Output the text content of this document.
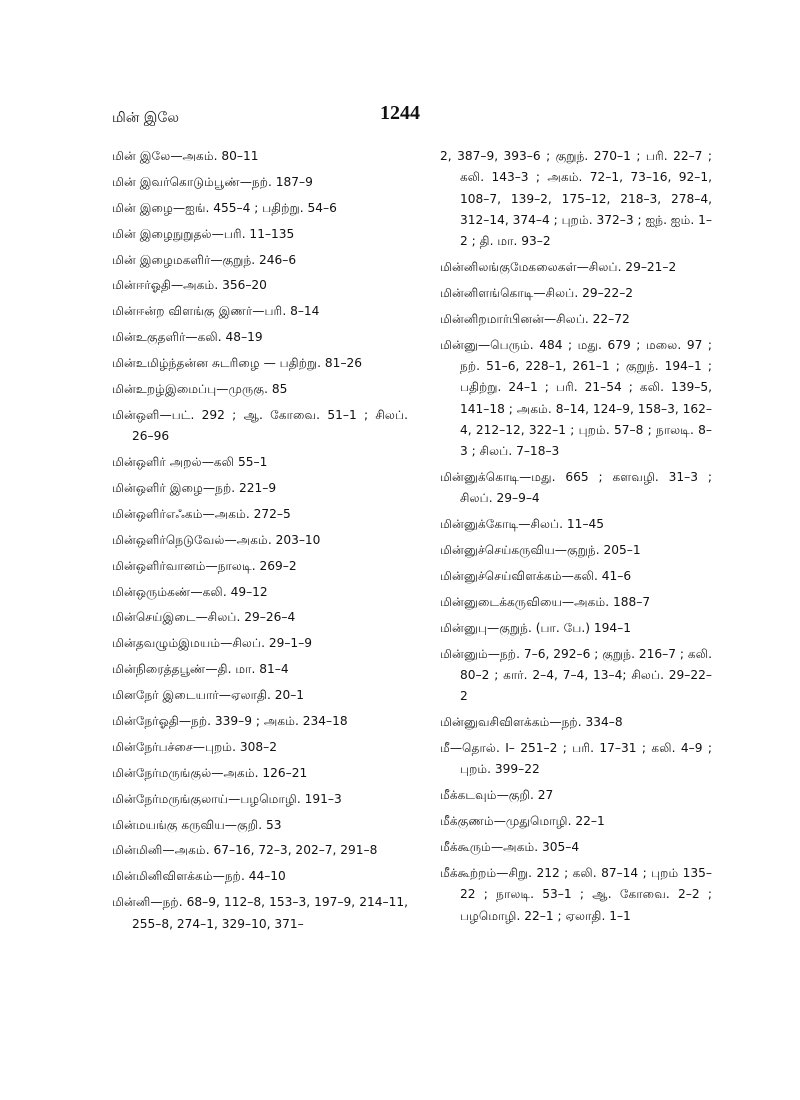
மின் இலே	1244

மின் இலே—அகம். 80–11

மின் இவர்கொடும்பூண்—நற். 187–9

மின் இழை—ஐங். 455–4 ; பதிற்று. 54–6

மின் இழைநுறுதல்—பரி. 11–135

மின் இழைமகளிர்—குறுந். 246–6

மின்ஈர்ஓதி—அகம். 356–20

மின்ஈன்ற விளங்கு இணர்—பரி. 8–14

மின்உகுதளிர்—கலி. 48–19

மின்உமிழ்ந்தன்ன சுடரிழை — பதிற்று. 81–26

மின்உறழ்இமைப்பு—முருகு. 85

மின்ஒளி—பட். 292 ; ஆ. கோவை. 51–1 ; சிலப். 26–96

மின்ஒளிர் அறல்—கலி 55–1

மின்ஒளிர் இழை—நற். 221–9

மின்ஒளிர்எஃகம்—அகம். 272–5

மின்ஒளிர்நெடுவேல்—அகம். 203–10

மின்ஒளிர்வானம்—நாலடி. 269–2

மின்ஒரும்கண்—கலி. 49–12

மின்செய்இடை—சிலப். 29–26–4

மின்தவழும்இமயம்—சிலப். 29–1–9

மின்நிரைத்தபூண்—தி. மா. 81–4

மினநேர் இடையார்—ஏலாதி. 20–1

மின்நேர்ஓதி—நற். 339–9 ; அகம். 234–18

மின்நேர்பச்சை—புறம். 308–2

மின்நேர்மருங்குல்—அகம். 126–21

மின்நேர்மருங்குலாய்—பழமொழி. 191–3

மின்மயங்கு கருவிய—குறி. 53

மின்மினி—அகம். 67–16, 72–3, 202–7, 291–8

மின்மினிவிளக்கம்—நற். 44–10

மின்னி—நற். 68–9, 112–8, 153–3, 197–9, 214–11, 255–8, 274–1, 329–10, 371–

2, 387–9, 393–6 ; குறுந். 270–1 ; பரி. 22–7 ; கலி. 143–3 ; அகம். 72–1, 73–16, 92–1, 108–7, 139–2, 175–12, 218–3, 278–4, 312–14, 374–4 ; புறம். 372–3 ; ஐந். ஐம். 1–2 ; தி. மா. 93–2

மின்னிலங்குமேகலைகள்—சிலப். 29–21–2

மின்னிளங்கொடி—சிலப். 29–22–2

மின்னிறமார்பினன்—சிலப். 22–72

மின்னு—பெரும். 484 ; மது. 679 ; மலை. 97 ; நற். 51–6, 228–1, 261–1 ; குறுந். 194–1 ; பதிற்று. 24–1 ; பரி. 21–54 ; கலி. 139–5, 141–18 ; அகம். 8–14, 124–9, 158–3, 162–4, 212–12, 322–1 ; புறம். 57–8 ; நாலடி. 8–3 ; சிலப். 7–18–3

மின்னுக்கொடி—மது. 665 ; களவழி. 31–3 ; சிலப். 29–9–4

மின்னுக்கோடி—சிலப். 11–45

மின்னுச்செய்கருவிய—குறுந். 205–1

மின்னுச்செய்விளக்கம்—கலி. 41–6

மின்னுடைக்கருவியை—அகம். 188–7

மின்னுபு—குறுந். (பா. பே.) 194–1

மின்னும்—நற். 7–6, 292–6 ; குறுந். 216–7 ; கலி. 80–2 ; கார். 2–4, 7–4, 13–4; சிலப். 29–22–2

மின்னுவசிவிளக்கம்—நற். 334–8

மீ—தொல். I– 251–2 ; பரி. 17–31 ; கலி. 4–9 ; புறம். 399–22

மீக்கடவும்—குறி. 27

மீக்குணம்—முதுமொழி. 22–1

மீக்கூரும்—அகம். 305–4

மீக்கூற்றம்—சிறு. 212 ; கலி. 87–14 ; புறம் 135–22 ; நாலடி. 53–1 ; ஆ. கோவை. 2–2 ; பழமொழி. 22–1 ; ஏலாதி. 1–1
